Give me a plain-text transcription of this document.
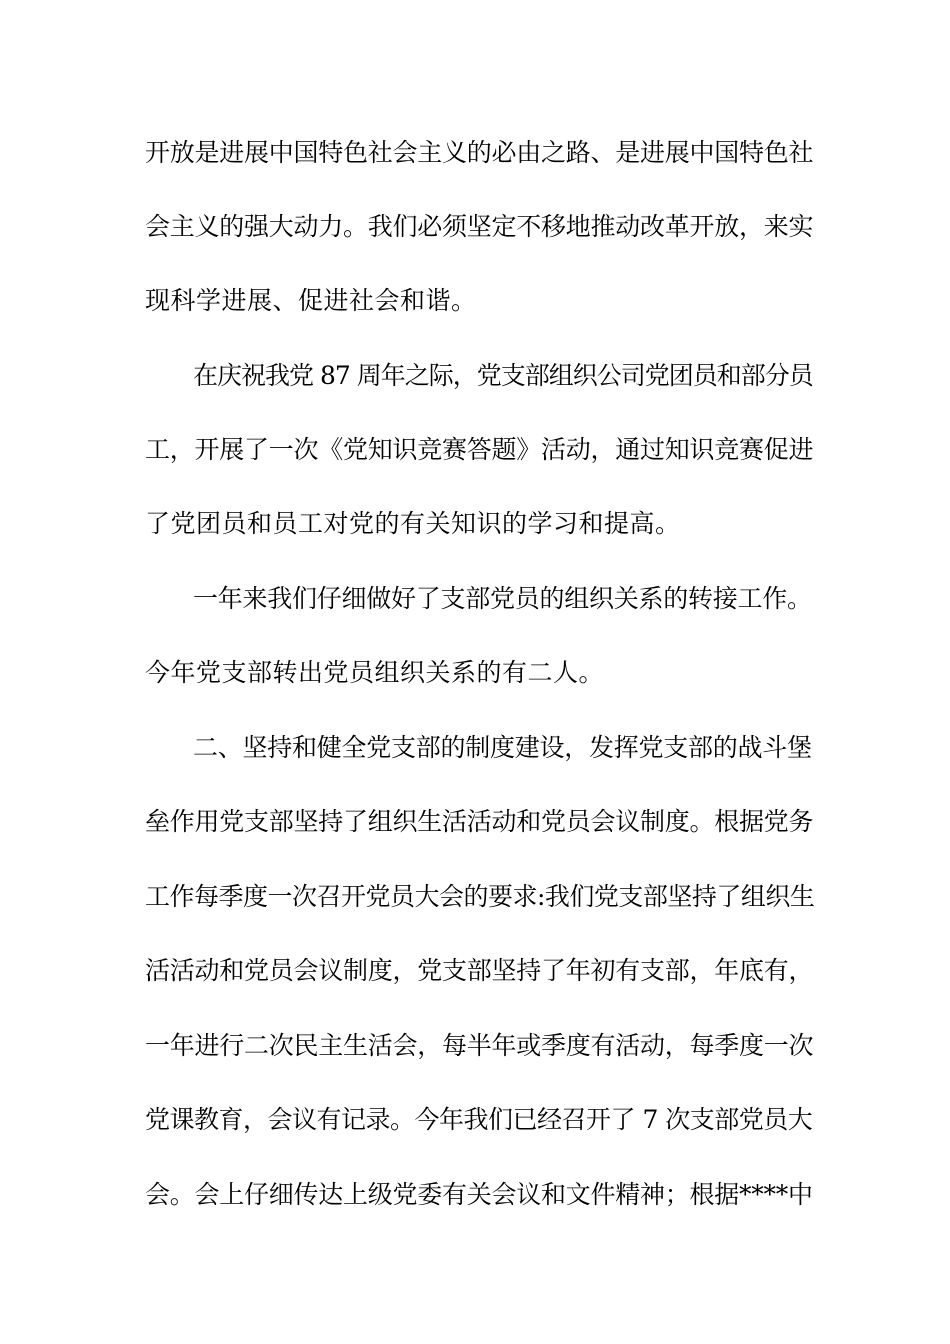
开放是进展中国特色社会主义的必由之路、是进展中国特色社
会主义的强大动力。我们必须坚定不移地推动改革开放，来实
现科学进展、促进社会和谐。
在庆祝我党 87 周年之际，党支部组织公司党团员和部分员
工，开展了一次《党知识竞赛答题》活动，通过知识竞赛促进
了党团员和员工对党的有关知识的学习和提高。
一年来我们仔细做好了支部党员的组织关系的转接工作。
今年党支部转出党员组织关系的有二人。
二、坚持和健全党支部的制度建设，发挥党支部的战斗堡
垒作用党支部坚持了组织生活活动和党员会议制度。根据党务
工作每季度一次召开党员大会的要求:我们党支部坚持了组织生
活活动和党员会议制度，党支部坚持了年初有支部，年底有，
一年进行二次民主生活会，每半年或季度有活动，每季度一次
党课教育，会议有记录。今年我们已经召开了 7 次支部党员大
会。会上仔细传达上级党委有关会议和文件精神；根据****中
